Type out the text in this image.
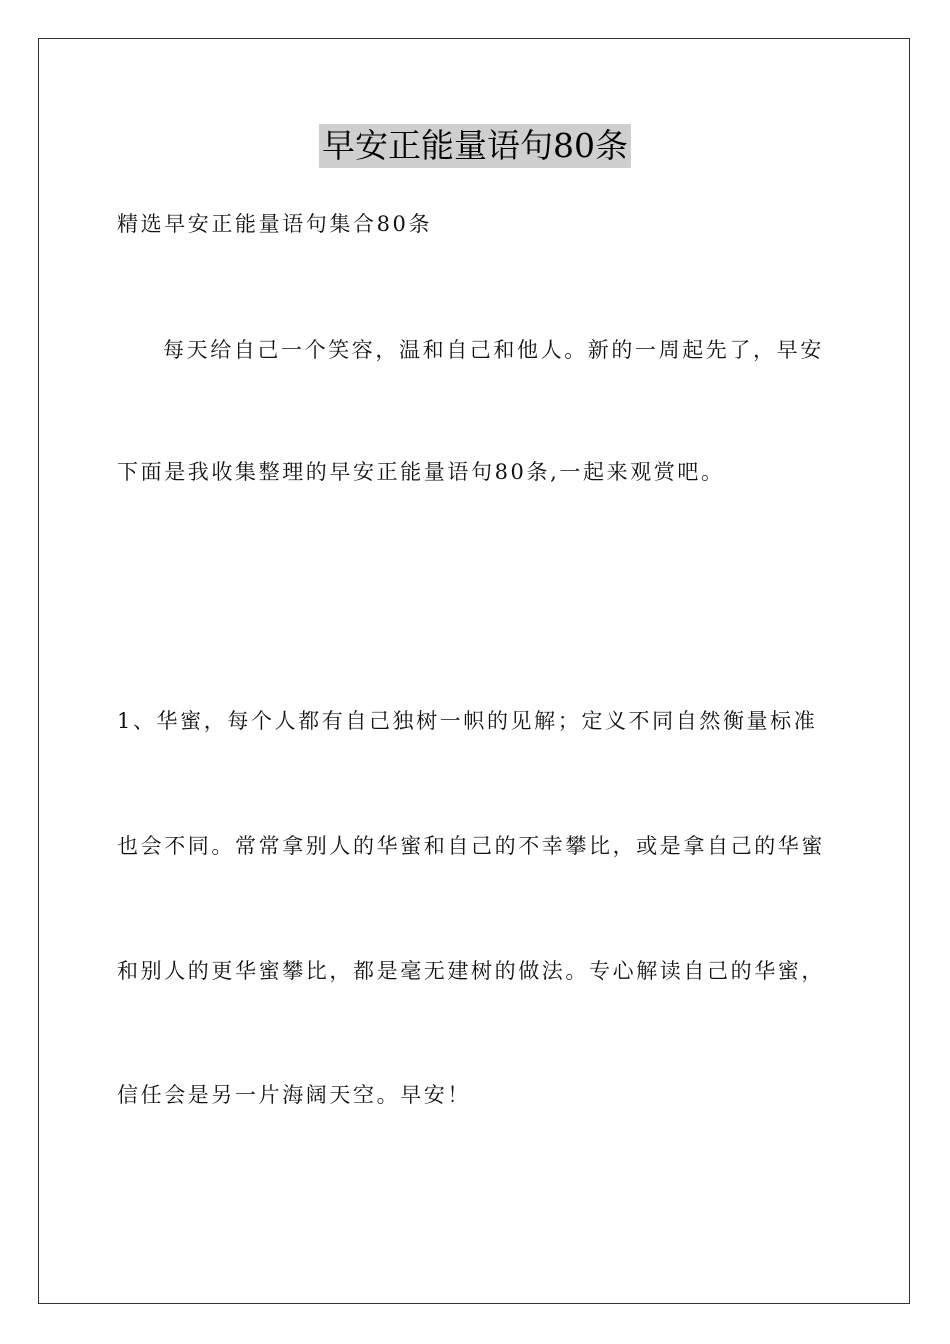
早安正能量语句80条
精选早安正能量语句集合80条
每天给自己一个笑容，温和自己和他人。新的一周起先了，早安
下面是我收集整理的早安正能量语句80条,一起来观赏吧。
1、华蜜，每个人都有自己独树一帜的见解；定义不同自然衡量标准
也会不同。常常拿别人的华蜜和自己的不幸攀比，或是拿自己的华蜜
和别人的更华蜜攀比，都是毫无建树的做法。专心解读自己的华蜜，
信任会是另一片海阔天空。早安！
